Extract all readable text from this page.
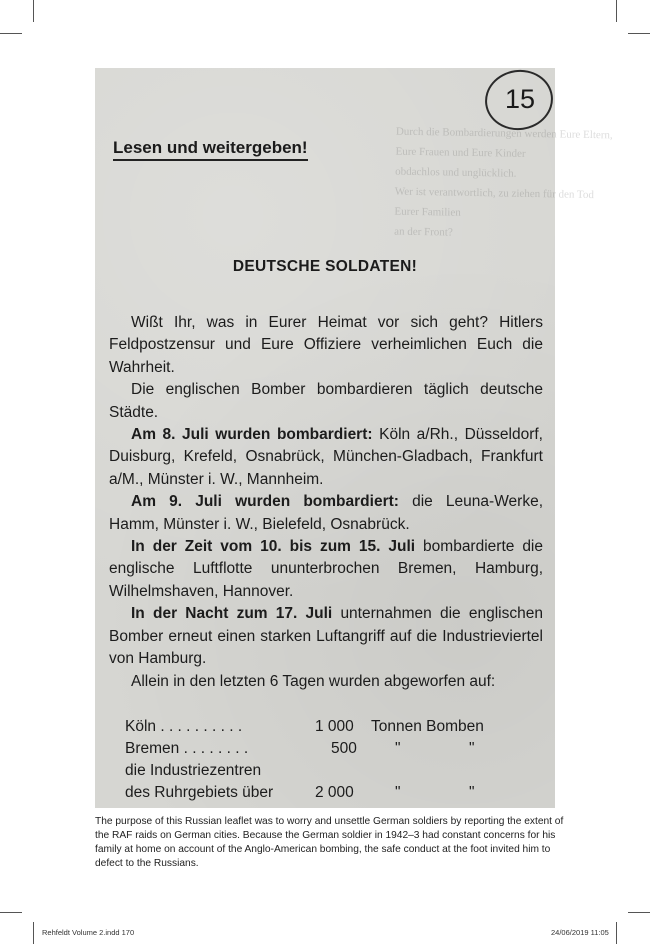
Durch die Bombardierungen werden Eure Eltern,
Eure Frauen und Eure Kinder
obdachlos und unglücklich.
Wer ist verantwortlich, zu ziehen für den Tod
Eurer Familien
an der Front?
15
Lesen und weitergeben!
DEUTSCHE SOLDATEN!

Wißt Ihr, was in Eurer Heimat vor sich geht? Hitlers Feldpostzensur und Eure Offiziere verheimlichen Euch die Wahrheit.

Die englischen Bomber bombardieren täglich deutsche Städte.

Am 8. Juli wurden bombardiert: Köln a/Rh., Düsseldorf, Duisburg, Krefeld, Osnabrück, München-Gladbach, Frankfurt a/M., Münster i. W., Mannheim.

Am 9. Juli wurden bombardiert: die Leuna-Werke, Hamm, Münster i. W., Bielefeld, Osnabrück.

In der Zeit vom 10. bis zum 15. Juli bombardierte die englische Luftflotte ununterbrochen Bremen, Hamburg, Wilhelmshaven, Hannover.

In der Nacht zum 17. Juli unternahmen die englischen Bomber erneut einen starken Luftangriff auf die Industrieviertel von Hamburg.

Allein in den letzten 6 Tagen wurden abgeworfen auf:

Köln . . . . . . . . . .	1 000 Tonnen Bomben
Bremen . . . . . . . .	500 "	"
die Industriezentren
des Ruhrgebiets über	2 000	"	"
The purpose of this Russian leaflet was to worry and unsettle German soldiers by reporting the extent of the RAF raids on German cities. Because the German soldier in 1942–3 had constant concerns for his family at home on account of the Anglo-American bombing, the safe conduct at the foot invited him to defect to the Russians.
Rehfeldt Volume 2.indd 170	24/06/2019 11:05
